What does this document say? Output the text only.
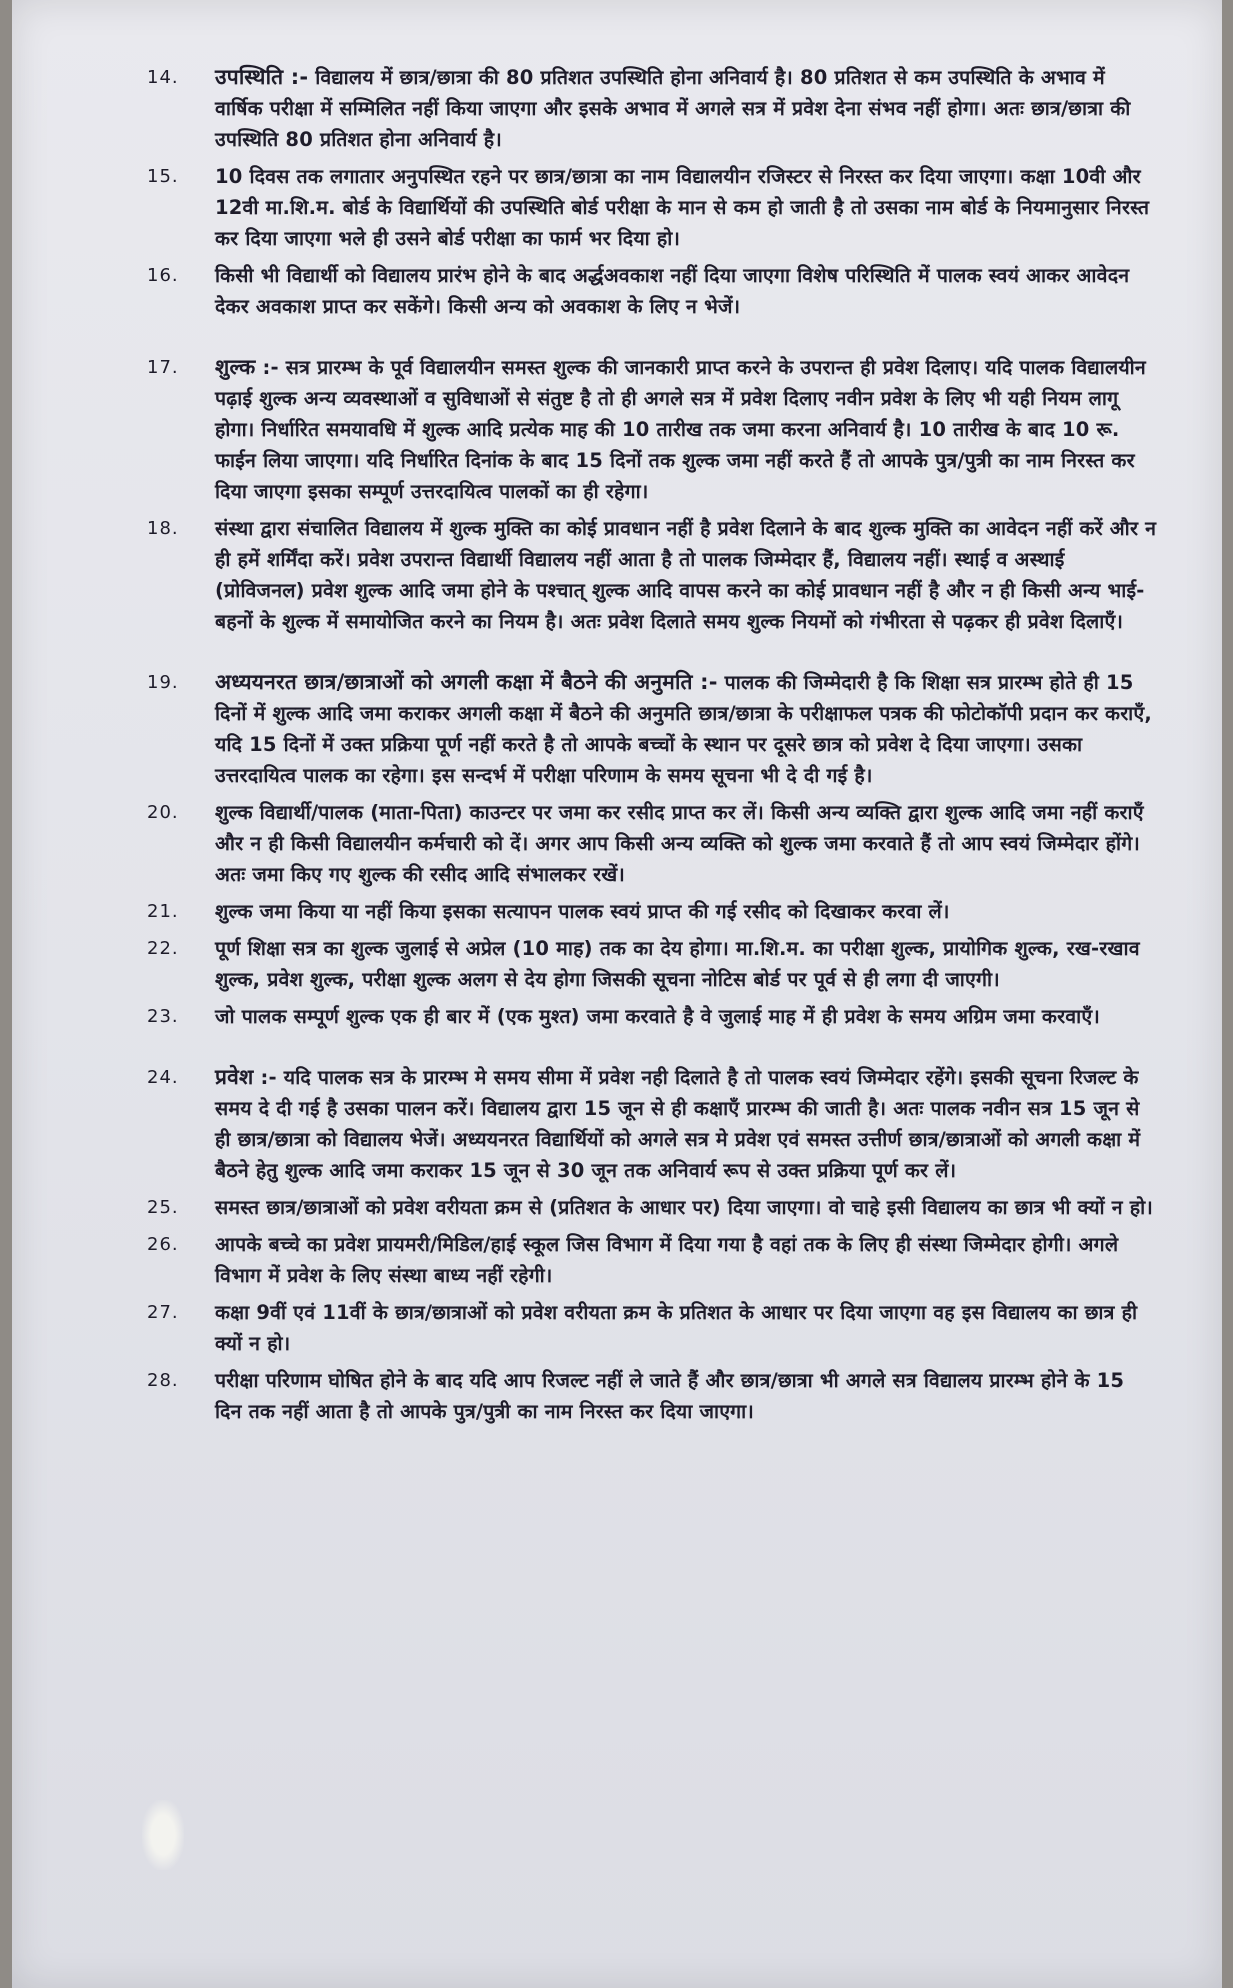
14.	उपस्थिति :- विद्यालय में छात्र/छात्रा की 80 प्रतिशत उपस्थिति होना अनिवार्य है। 80 प्रतिशत से कम उपस्थिति के अभाव में वार्षिक परीक्षा में सम्मिलित नहीं किया जाएगा और इसके अभाव में अगले सत्र में प्रवेश देना संभव नहीं होगा। अतः छात्र/छात्रा की उपस्थिति 80 प्रतिशत होना अनिवार्य है।
15.	10 दिवस तक लगातार अनुपस्थित रहने पर छात्र/छात्रा का नाम विद्यालयीन रजिस्टर से निरस्त कर दिया जाएगा। कक्षा 10वी और 12वी मा.शि.म. बोर्ड के विद्यार्थियों की उपस्थिति बोर्ड परीक्षा के मान से कम हो जाती है तो उसका नाम बोर्ड के नियमानुसार निरस्त कर दिया जाएगा भले ही उसने बोर्ड परीक्षा का फार्म भर दिया हो।
16.	किसी भी विद्यार्थी को विद्यालय प्रारंभ होने के बाद अर्द्धअवकाश नहीं दिया जाएगा विशेष परिस्थिति में पालक स्वयं आकर आवेदन देकर अवकाश प्राप्त कर सकेंगे। किसी अन्य को अवकाश के लिए न भेजें।
17.	शुल्क :- सत्र प्रारम्भ के पूर्व विद्यालयीन समस्त शुल्क की जानकारी प्राप्त करने के उपरान्त ही प्रवेश दिलाए। यदि पालक विद्यालयीन पढ़ाई शुल्क अन्य व्यवस्थाओं व सुविधाओं से संतुष्ट है तो ही अगले सत्र में प्रवेश दिलाए नवीन प्रवेश के लिए भी यही नियम लागू होगा। निर्धारित समयावधि में शुल्क आदि प्रत्येक माह की 10 तारीख तक जमा करना अनिवार्य है। 10 तारीख के बाद 10 रू. फाईन लिया जाएगा। यदि निर्धारित दिनांक के बाद 15 दिनों तक शुल्क जमा नहीं करते हैं तो आपके पुत्र/पुत्री का नाम निरस्त कर दिया जाएगा इसका सम्पूर्ण उत्तरदायित्व पालकों का ही रहेगा।
18.	संस्था द्वारा संचालित विद्यालय में शुल्क मुक्ति का कोई प्रावधान नहीं है प्रवेश दिलाने के बाद शुल्क मुक्ति का आवेदन नहीं करें और न ही हमें शर्मिंदा करें। प्रवेश उपरान्त विद्यार्थी विद्यालय नहीं आता है तो पालक जिम्मेदार हैं, विद्यालय नहीं। स्थाई व अस्थाई (प्रोविजनल) प्रवेश शुल्क आदि जमा होने के पश्चात् शुल्क आदि वापस करने का कोई प्रावधान नहीं है और न ही किसी अन्य भाई-बहनों के शुल्क में समायोजित करने का नियम है। अतः प्रवेश दिलाते समय शुल्क नियमों को गंभीरता से पढ़कर ही प्रवेश दिलाएँ।
19.	अध्ययनरत छात्र/छात्राओं को अगली कक्षा में बैठने की अनुमति :- पालक की जिम्मेदारी है कि शिक्षा सत्र प्रारम्भ होते ही 15 दिनों में शुल्क आदि जमा कराकर अगली कक्षा में बैठने की अनुमति छात्र/छात्रा के परीक्षाफल पत्रक की फोटोकॉपी प्रदान कर कराएँ, यदि 15 दिनों में उक्त प्रक्रिया पूर्ण नहीं करते है तो आपके बच्चों के स्थान पर दूसरे छात्र को प्रवेश दे दिया जाएगा। उसका उत्तरदायित्व पालक का रहेगा। इस सन्दर्भ में परीक्षा परिणाम के समय सूचना भी दे दी गई है।
20.	शुल्क विद्यार्थी/पालक (माता-पिता) काउन्टर पर जमा कर रसीद प्राप्त कर लें। किसी अन्य व्यक्ति द्वारा शुल्क आदि जमा नहीं कराएँ और न ही किसी विद्यालयीन कर्मचारी को दें। अगर आप किसी अन्य व्यक्ति को शुल्क जमा करवाते हैं तो आप स्वयं जिम्मेदार होंगे। अतः जमा किए गए शुल्क की रसीद आदि संभालकर रखें।
21.	शुल्क जमा किया या नहीं किया इसका सत्यापन पालक स्वयं प्राप्त की गई रसीद को दिखाकर करवा लें।
22.	पूर्ण शिक्षा सत्र का शुल्क जुलाई से अप्रेल (10 माह) तक का देय होगा। मा.शि.म. का परीक्षा शुल्क, प्रायोगिक शुल्क, रख-रखाव शुल्क, प्रवेश शुल्क, परीक्षा शुल्क अलग से देय होगा जिसकी सूचना नोटिस बोर्ड पर पूर्व से ही लगा दी जाएगी।
23.	जो पालक सम्पूर्ण शुल्क एक ही बार में (एक मुश्त) जमा करवाते है वे जुलाई माह में ही प्रवेश के समय अग्रिम जमा करवाएँ।
24.	प्रवेश :- यदि पालक सत्र के प्रारम्भ मे समय सीमा में प्रवेश नही दिलाते है तो पालक स्वयं जिम्मेदार रहेंगे। इसकी सूचना रिजल्ट के समय दे दी गई है उसका पालन करें। विद्यालय द्वारा 15 जून से ही कक्षाएँ प्रारम्भ की जाती है। अतः पालक नवीन सत्र 15 जून से ही छात्र/छात्रा को विद्यालय भेजें। अध्ययनरत विद्यार्थियों को अगले सत्र मे प्रवेश एवं समस्त उत्तीर्ण छात्र/छात्राओं को अगली कक्षा में बैठने हेतु शुल्क आदि जमा कराकर 15 जून से 30 जून तक अनिवार्य रूप से उक्त प्रक्रिया पूर्ण कर लें।
25.	समस्त छात्र/छात्राओं को प्रवेश वरीयता क्रम से (प्रतिशत के आधार पर) दिया जाएगा। वो चाहे इसी विद्यालय का छात्र भी क्यों न हो।
26.	आपके बच्चे का प्रवेश प्रायमरी/मिडिल/हाई स्कूल जिस विभाग में दिया गया है वहां तक के लिए ही संस्था जिम्मेदार होगी। अगले विभाग में प्रवेश के लिए संस्था बाध्य नहीं रहेगी।
27.	कक्षा 9वीं एवं 11वीं के छात्र/छात्राओं को प्रवेश वरीयता क्रम के प्रतिशत के आधार पर दिया जाएगा वह इस विद्यालय का छात्र ही क्यों न हो।
28.	परीक्षा परिणाम घोषित होने के बाद यदि आप रिजल्ट नहीं ले जाते हैं और छात्र/छात्रा भी अगले सत्र विद्यालय प्रारम्भ होने के 15 दिन तक नहीं आता है तो आपके पुत्र/पुत्री का नाम निरस्त कर दिया जाएगा।
